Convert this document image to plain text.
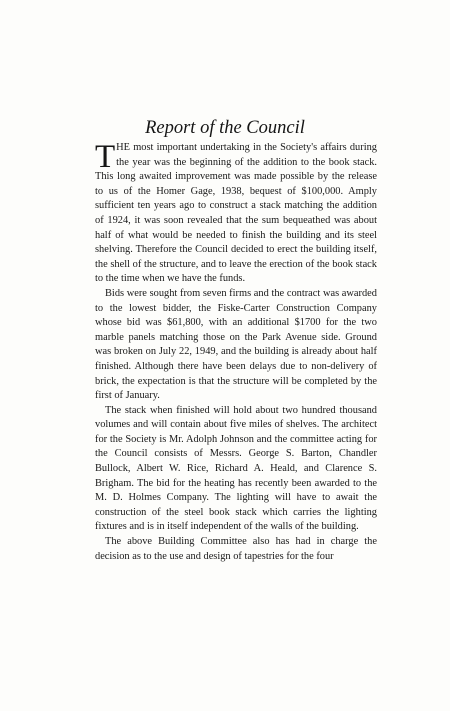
Report of the Council

THE most important undertaking in the Society's affairs during the year was the beginning of the addition to the book stack. This long awaited improvement was made possible by the release to us of the Homer Gage, 1938, bequest of $100,000. Amply sufficient ten years ago to construct a stack matching the addition of 1924, it was soon revealed that the sum bequeathed was about half of what would be needed to finish the building and its steel shelving. Therefore the Council decided to erect the building itself, the shell of the structure, and to leave the erection of the book stack to the time when we have the funds.

Bids were sought from seven firms and the contract was awarded to the lowest bidder, the Fiske-Carter Construction Company whose bid was $61,800, with an additional $1700 for the two marble panels matching those on the Park Avenue side. Ground was broken on July 22, 1949, and the building is already about half finished. Although there have been delays due to non-delivery of brick, the expectation is that the structure will be completed by the first of January.

The stack when finished will hold about two hundred thousand volumes and will contain about five miles of shelves. The architect for the Society is Mr. Adolph Johnson and the committee acting for the Council consists of Messrs. George S. Barton, Chandler Bullock, Albert W. Rice, Richard A. Heald, and Clarence S. Brigham. The bid for the heating has recently been awarded to the M. D. Holmes Company. The lighting will have to await the construction of the steel book stack which carries the lighting fixtures and is in itself independent of the walls of the building.

The above Building Committee also has had in charge the decision as to the use and design of tapestries for the four
